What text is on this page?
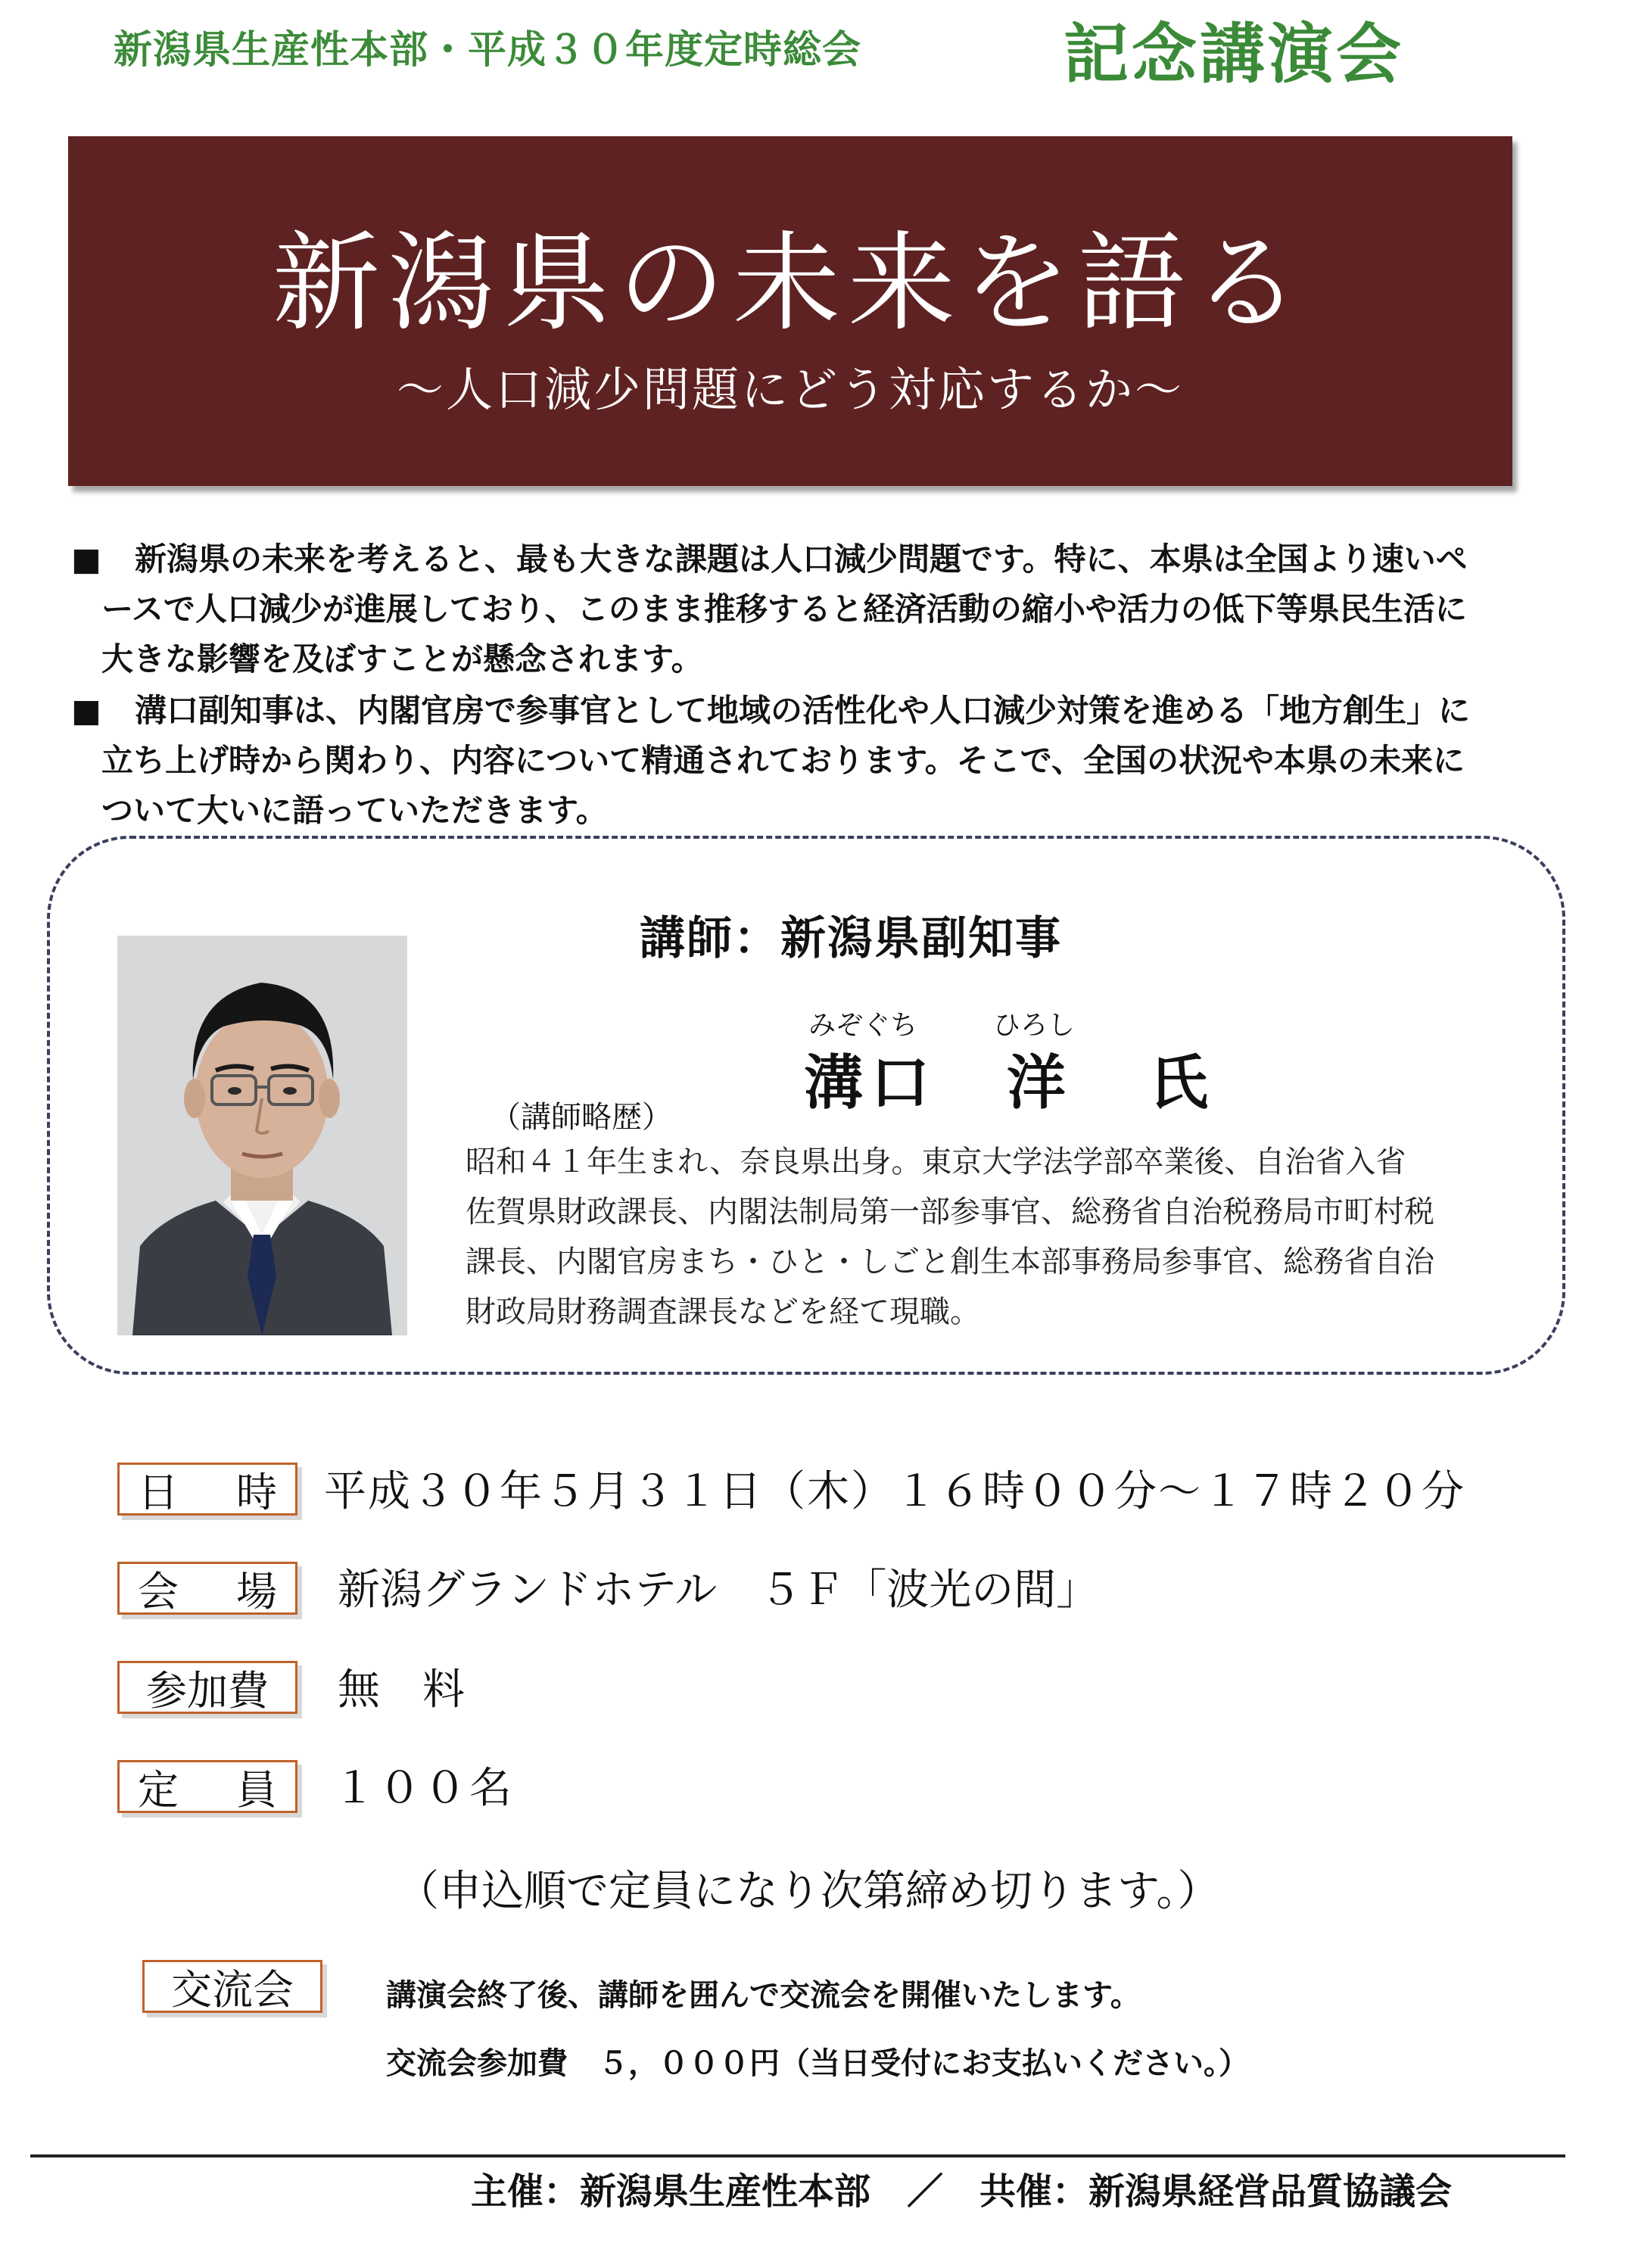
新潟県生産性本部・平成３０年度定時総会	記念講演会
新潟県の未来を語る
～人口減少問題にどう対応するか～
■ 新潟県の未来を考えると、最も大きな課題は人口減少問題です。特に、本県は全国より速いペ
ースで人口減少が進展しており、このまま推移すると経済活動の縮小や活力の低下等県民生活に
大きな影響を及ぼすことが懸念されます。
■ 溝口副知事は、内閣官房で参事官として地域の活性化や人口減少対策を進める「地方創生」に
立ち上げ時から関わり、内容について精通されております。そこで、全国の状況や本県の未来に
ついて大いに語っていただきます。
講師：新潟県副知事
みぞぐち	ひろし
溝口 洋 氏
（講師略歴）
昭和４１年生まれ、奈良県出身。東京大学法学部卒業後、自治省入省
佐賀県財政課長、内閣法制局第一部参事官、総務省自治税務局市町村税
課長、内閣官房まち・ひと・しごと創生本部事務局参事官、総務省自治
財政局財務調査課長などを経て現職。
日 時 平成３０年５月３１日（木）１６時００分～１７時２０分
会 場 新潟グランドホテル　５Ｆ「波光の間」
参加費 無　料
定 員 １００名
（申込順で定員になり次第締め切ります。）
交流会	講演会終了後、講師を囲んで交流会を開催いたします。
交流会参加費　５，０００円（当日受付にお支払いください。）
主催：新潟県生産性本部　／　共催：新潟県経営品質協議会
